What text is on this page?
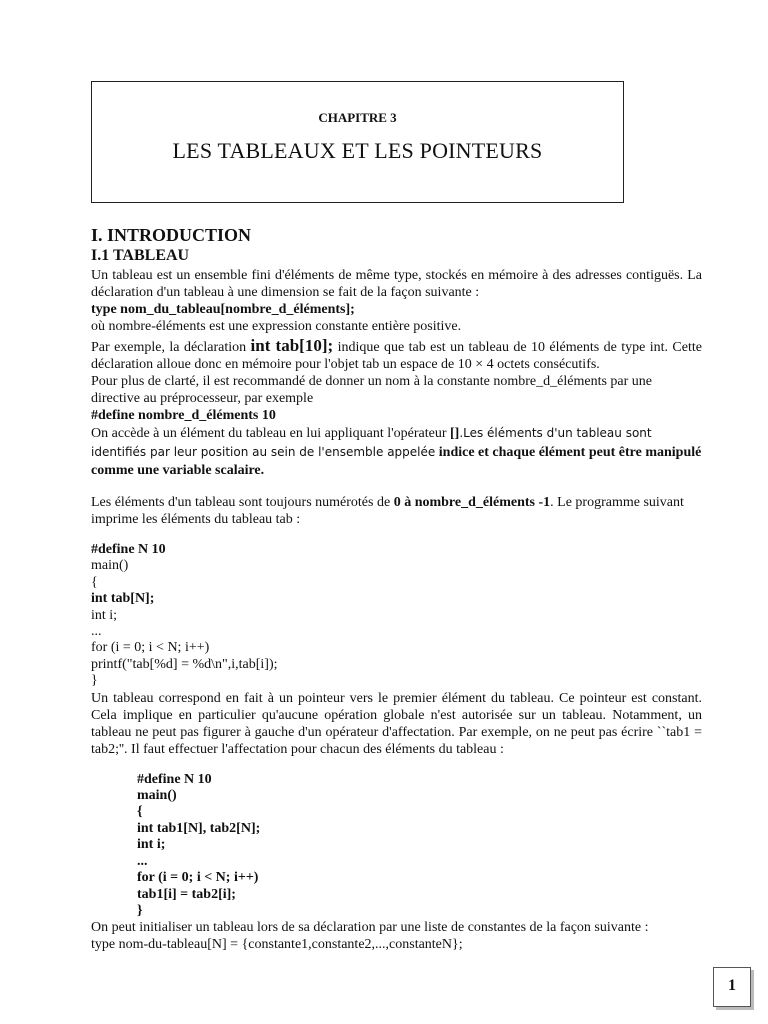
CHAPITRE 3
LES TABLEAUX ET LES POINTEURS
I. INTRODUCTION
I.1 TABLEAU

Un tableau est un ensemble fini d'éléments de même type, stockés en mémoire à des adresses contiguës. La déclaration d'un tableau à une dimension se fait de la façon suivante :

type nom_du_tableau[nombre_d_éléments];

où nombre-éléments est une expression constante entière positive.

Par exemple, la déclaration int tab[10]; indique que tab est un tableau de 10 éléments de type int. Cette déclaration alloue donc en mémoire pour l'objet tab un espace de 10 × 4 octets consécutifs.

Pour plus de clarté, il est recommandé de donner un nom à la constante nombre_d_éléments par une directive au préprocesseur, par exemple

#define nombre_d_éléments 10

On accède à un élément du tableau en lui appliquant l'opérateur [].Les éléments d'un tableau sont identifiés par leur position au sein de l'ensemble appelée indice et chaque élément peut être manipulé comme une variable scalaire.

Les éléments d'un tableau sont toujours numérotés de 0 à nombre_d_éléments -1. Le programme suivant imprime les éléments du tableau tab :

#define N 10
main()
{
int tab[N];
int i;
...
for (i = 0; i < N; i++)
printf("tab[%d] = %d\n",i,tab[i]);
}

Un tableau correspond en fait à un pointeur vers le premier élément du tableau. Ce pointeur est constant. Cela implique en particulier qu'aucune opération globale n'est autorisée sur un tableau. Notamment, un tableau ne peut pas figurer à gauche d'un opérateur d'affectation. Par exemple, on ne peut pas écrire ``tab1 = tab2;''. Il faut effectuer l'affectation pour chacun des éléments du tableau :

#define N 10
main()
{
int tab1[N], tab2[N];
int i;
...
for (i = 0; i < N; i++)
tab1[i] = tab2[i];
}

On peut initialiser un tableau lors de sa déclaration par une liste de constantes de la façon suivante :

type nom-du-tableau[N] = {constante1,constante2,...,constanteN};

1
